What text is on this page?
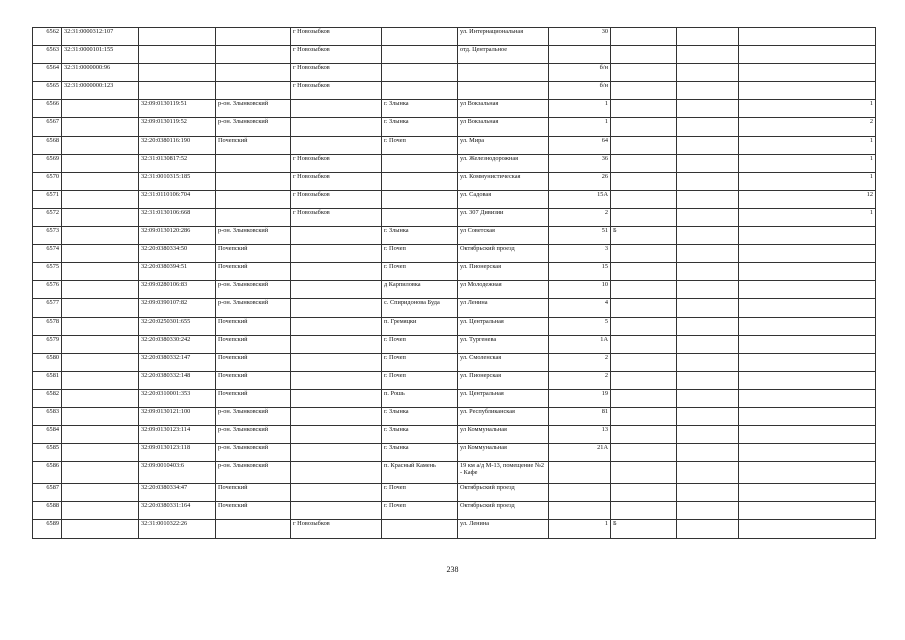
6562	32:31:0000312:107			г Новозыбков		ул. Интернациональная	30			
6563	32:31:0000101:155			г Новозыбков		отд. Центральное				
6564	32:31:0000000:96			г Новозыбков			б/н			
6565	32:31:0000000:123			г Новозыбков			б/н			
6566		32:09:0130119:51	р-он. Злынковский		г. Злынка	ул Вокзальная	1			1
6567		32:09:0130119:52	р-он. Злынковский		г. Злынка	ул Вокзальная	1			2
6568		32:20:0380116:190	Почепский		г. Почеп	ул. Мира	64			1
6569		32:31:0130817:52		г Новозыбков		ул. Железнодорожная	36			1
6570		32:31:0010315:185		г Новозыбков		ул. Коммунистическая	26			1
6571		32:31:0110106:704		г Новозыбков		ул. Садовая	15А			12
6572		32:31:0130106:668		г Новозыбков		ул. 307 Дивизии	2			1
6573		32:09:0130120:286	р-он. Злынковский		г. Злынка	ул Советская	51	Б		
6574		32:20:0380334:50	Почепский		г. Почеп	Октябрьский проезд	3			
6575		32:20:0380394:51	Почепский		г. Почеп	ул. Пионерская	15			
6576		32:09:0280106:83	р-он. Злынковский		д Карпиловка	ул Молодежная	10			
6577		32:09:0390107:82	р-он. Злынковский		с. Спиридонова Буда	ул Ленина	4			
6578		32:20:0250301:655	Почепский		п. Гремяцки	ул. Центральная	5			
6579		32:20:0380330:242	Почепский		г. Почеп	ул. Тургенева	1А			
6580		32:20:0380332:147	Почепский		г. Почеп	ул. Смоленская	2			
6581		32:20:0380332:148	Почепский		г. Почеп	ул. Пионерская	2			
6582		32:20:0310001:353	Почепский		п. Рошь	ул. Центральная	19			
6583		32:09:0130121:100	р-он. Злынковский		г. Злынка	ул. Республиканская	81			
6584		32:09:0130123:114	р-он. Злынковский		г. Злынка	ул Коммунальная	13			
6585		32:09:0130123:118	р-он. Злынковский		г. Злынка	ул Коммунальная	21А			
6586		32:09:0010403:6	р-он. Злынковский		п. Красный Камень	19 км а/д М-13, помещение №2 - Кафе				
6587		32:20:0380334:47	Почепский		г. Почеп	Октябрьский проезд				
6588		32:20:0380331:164	Почепский		г. Почеп	Октябрьский проезд				
6589		32:31:0010322:26		г Новозыбков		ул. Ленина	1	Б		
238
